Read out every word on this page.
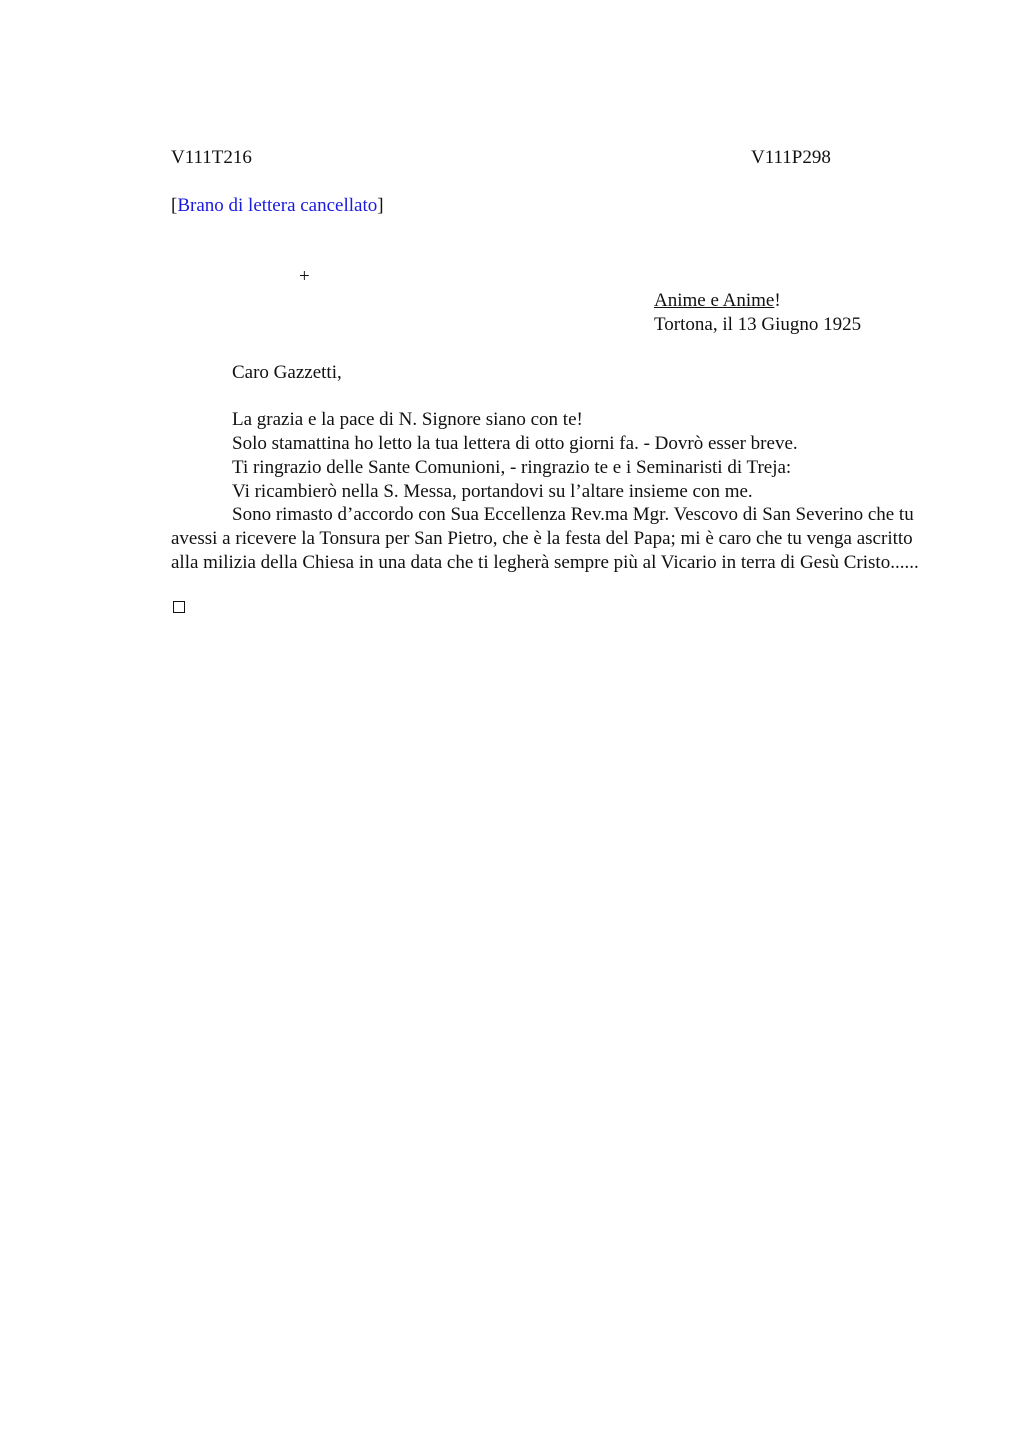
V111T216	V111P298
[Brano di lettera cancellato]
+
Anime e Anime!
Tortona, il 13 Giugno 1925
Caro Gazzetti,
La grazia e la pace di N. Signore siano con te!
Solo stamattina ho letto la tua lettera di otto giorni fa. - Dovrò esser breve.
Ti ringrazio delle Sante Comunioni, - ringrazio te e i Seminaristi di Treja:
Vi ricambierò nella S. Messa, portandovi su l’altare insieme con me.
Sono rimasto d’accordo con Sua Eccellenza Rev.ma Mgr. Vescovo di San Severino che tu avessi a ricevere la Tonsura per San Pietro, che è la festa del Papa; mi è caro che tu venga ascritto alla milizia della Chiesa in una data che ti legherà sempre più al Vicario in terra di Gesù Cristo......
